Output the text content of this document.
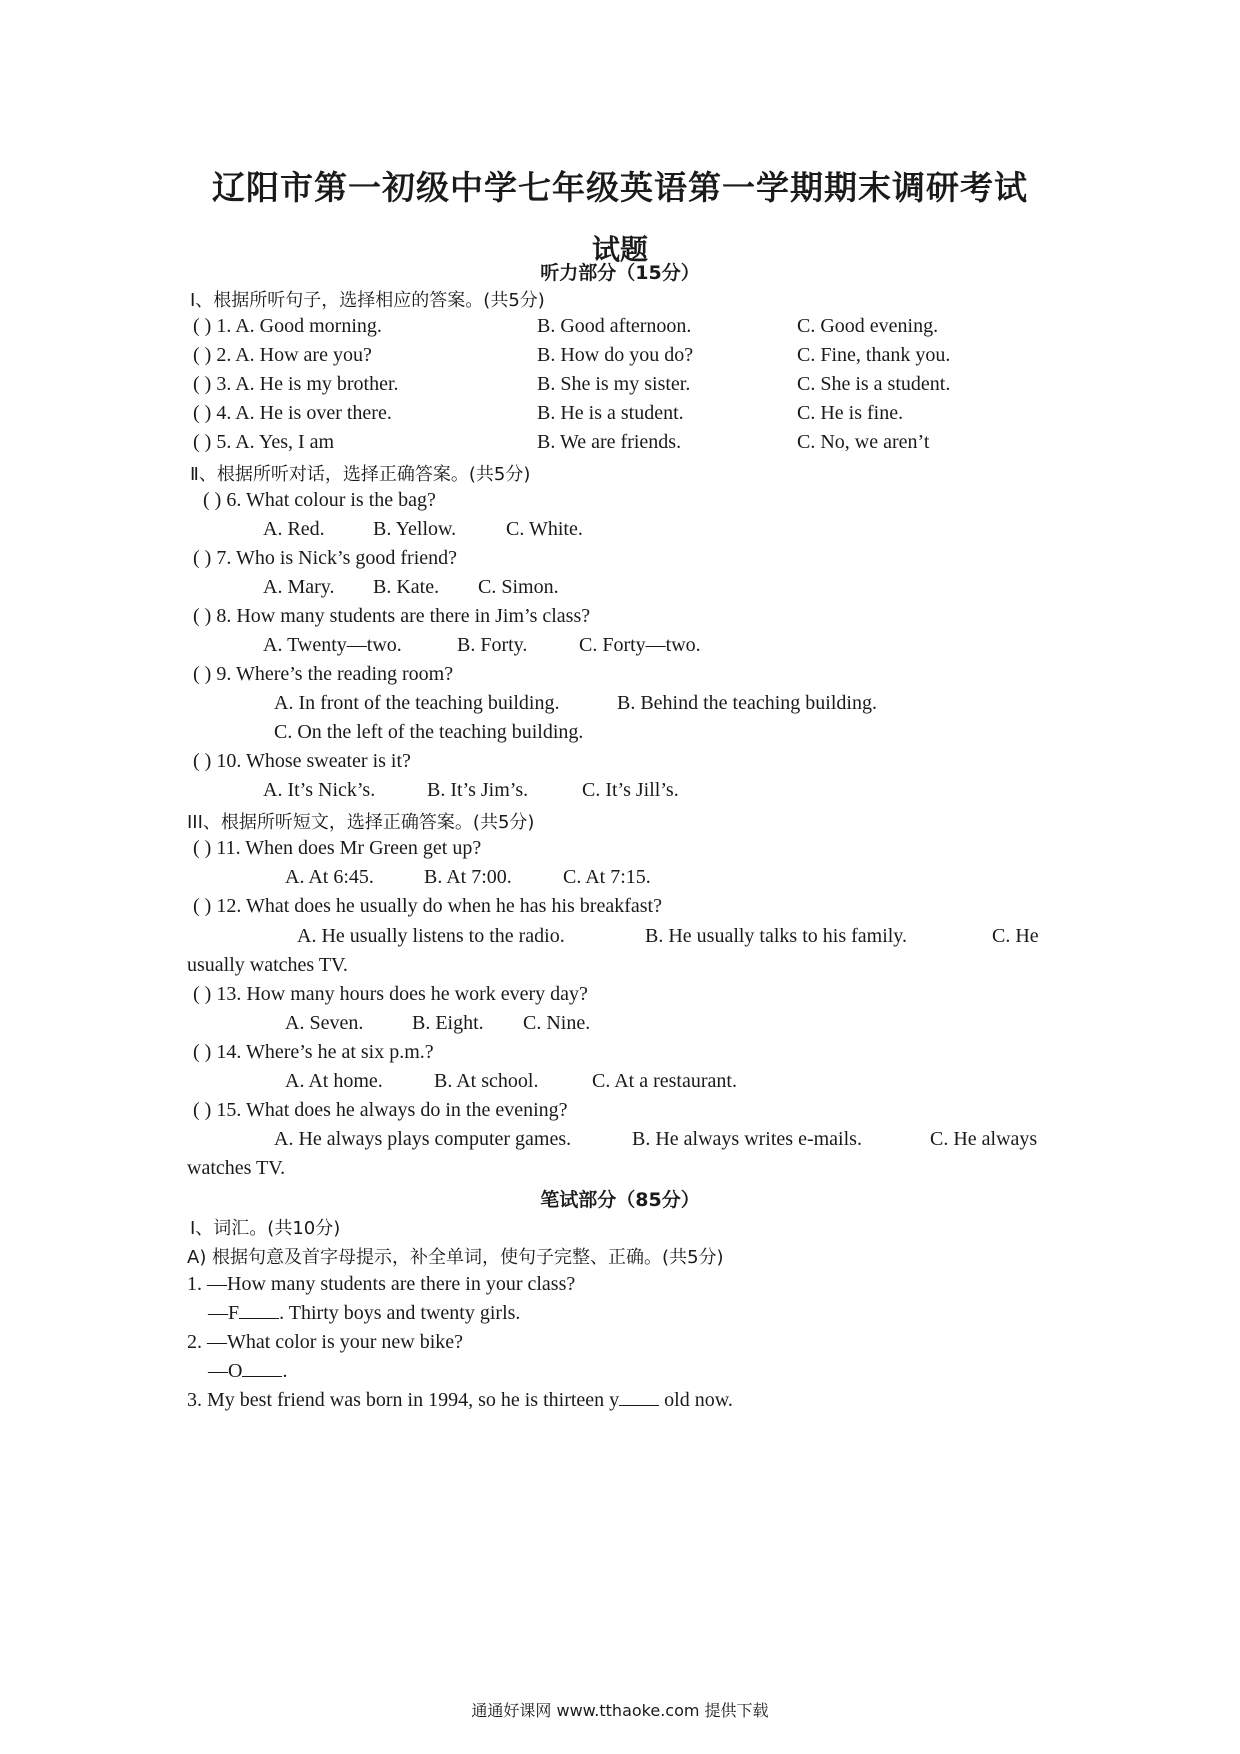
辽阳市第一初级中学七年级英语第一学期期末调研考试
试题
听力部分（15分）
Ⅰ、根据所听句子，选择相应的答案。(共5分)
( ) 1. A. Good morning.	B. Good afternoon.	C. Good evening.
( ) 2. A. How are you?	B. How do you do?	C. Fine, thank you.
( ) 3. A. He is my brother.	B. She is my sister.	C. She is a student.
( ) 4. A. He is over there.	B. He is a student.	C. He is fine.
( ) 5. A. Yes, I am	B. We are friends.	C. No, we aren’t
Ⅱ、根据所听对话，选择正确答案。(共5分)
( ) 6. What colour is the bag?
A. Red. B. Yellow. C. White.
( ) 7. Who is Nick’s good friend?
A. Mary. B. Kate. C. Simon.
( ) 8. How many students are there in Jim’s class?
A. Twenty—two.	B. Forty.	C. Forty—two.
( ) 9. Where’s the reading room?
A. In front of the teaching building.	B. Behind the teaching building.
C. On the left of the teaching building.
( ) 10. Whose sweater is it?
A. It’s Nick’s.	B. It’s Jim’s.	C. It’s Jill’s.
III、根据所听短文，选择正确答案。(共5分)
( ) 11. When does Mr Green get up?
A. At 6:45.	B. At 7:00.	C. At 7:15.
( ) 12. What does he usually do when he has his breakfast?
A. He usually listens to the radio.	B. He usually talks to his family.	C. He
usually watches TV.
( ) 13. How many hours does he work every day?
A. Seven. B. Eight. C. Nine.
( ) 14. Where’s he at six p.m.?
A. At home.	B. At school.	C. At a restaurant.
( ) 15. What does he always do in the evening?
A. He always plays computer games.	B. He always writes e-mails.	C. He always
watches TV.
笔试部分（85分）
Ⅰ、词汇。(共10分)
A) 根据句意及首字母提示，补全单词，使句子完整、正确。(共5分)
1. —How many students are there in your class?
—F . Thirty boys and twenty girls.
2. —What color is your new bike?
—O .
3. My best friend was born in 1994, so he is thirteen y old now.
通通好课网 www.tthaoke.com 提供下载
